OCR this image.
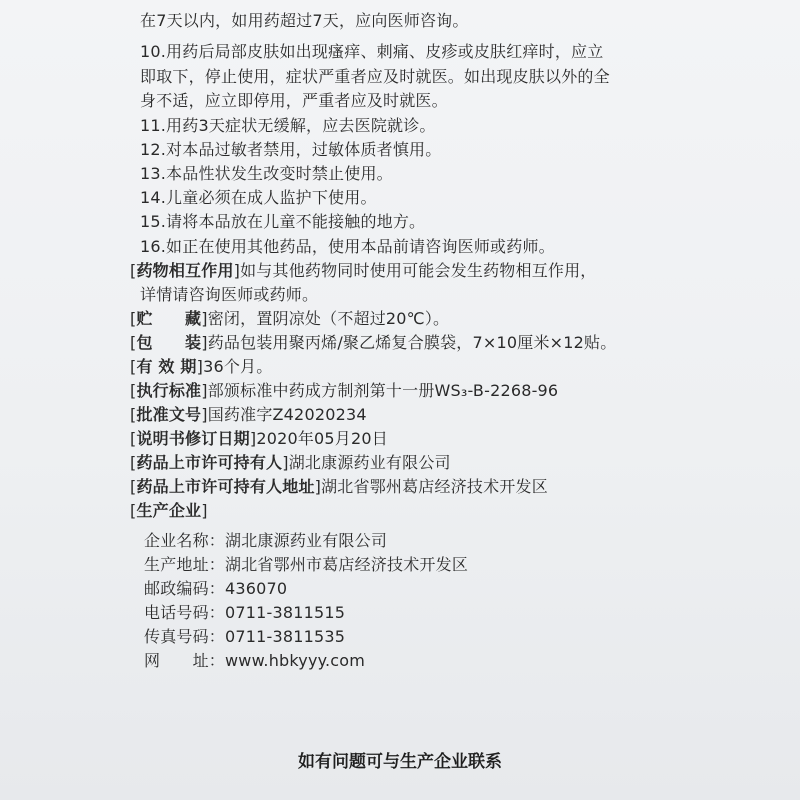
在7天以内，如用药超过7天，应向医师咨询。
10.用药后局部皮肤如出现瘙痒、刺痛、皮疹或皮肤红痒时，应立
即取下，停止使用，症状严重者应及时就医。如出现皮肤以外的全
身不适，应立即停用，严重者应及时就医。
11.用药3天症状无缓解，应去医院就诊。
12.对本品过敏者禁用，过敏体质者慎用。
13.本品性状发生改变时禁止使用。
14.儿童必须在成人监护下使用。
15.请将本品放在儿童不能接触的地方。
16.如正在使用其他药品，使用本品前请咨询医师或药师。
[ 药物相互作用 ] 如与其他药物同时使用可能会发生药物相互作用，
详情请咨询医师或药师。
[ 贮　　藏 ] 密闭，置阴凉处（不超过20℃）。
[ 包　　装 ] 药品包装用聚丙烯/聚乙烯复合膜袋，7×10厘米×12贴。
[ 有 效 期 ] 36个月。
[ 执行标准 ] 部颁标准中药成方制剂第十一册WS₃-B-2268-96
[ 批准文号 ] 国药准字Z42020234
[ 说明书修订日期 ] 2020年05月20日
[ 药品上市许可持有人 ] 湖北康源药业有限公司
[ 药品上市许可持有人地址 ] 湖北省鄂州葛店经济技术开发区
[ 生产企业 ]
企业名称：湖北康源药业有限公司
生产地址：湖北省鄂州市葛店经济技术开发区
邮政编码：436070
电话号码：0711-3811515
传真号码：0711-3811535
网　　址：www.hbkyyy.com
如有问题可与生产企业联系
